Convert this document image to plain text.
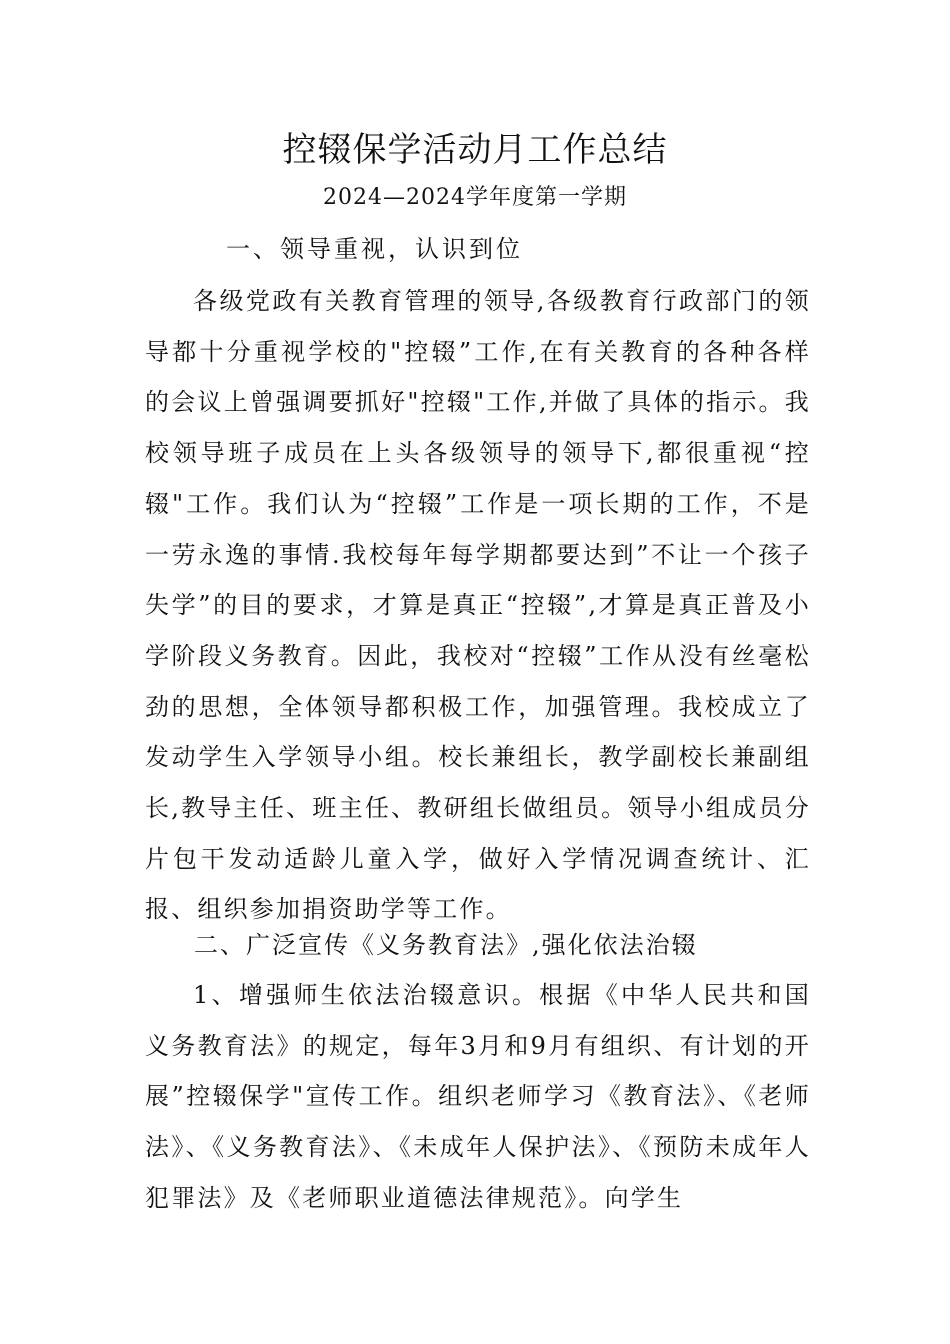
控辍保学活动月工作总结
2024—2024学年度第一学期
一、领导重视，认识到位
各级党政有关教育管理的领导,各级教育行政部门的领导都十分重视学校的"控辍”工作,在有关教育的各种各样的会议上曾强调要抓好"控辍"工作,并做了具体的指示。我校领导班子成员在上头各级领导的领导下,都很重视“控辍"工作。我们认为“控辍”工作是一项长期的工作，不是一劳永逸的事情.我校每年每学期都要达到”不让一个孩子失学”的目的要求，才算是真正“控辍”,才算是真正普及小学阶段义务教育。因此，我校对“控辍”工作从没有丝毫松劲的思想，全体领导都积极工作，加强管理。我校成立了发动学生入学领导小组。校长兼组长，教学副校长兼副组长,教导主任、班主任、教研组长做组员。领导小组成员分片包干发动适龄儿童入学，做好入学情况调查统计、汇报、组织参加捐资助学等工作。
二、广泛宣传《义务教育法》,强化依法治辍
1、增强师生依法治辍意识。根据《中华人民共和国义务教育法》的规定，每年3月和9月有组织、有计划的开展”控辍保学"宣传工作。组织老师学习《教育法》、《老师法》、《义务教育法》、《未成年人保护法》、《预防未成年人犯罪法》及《老师职业道德法律规范》。向学生
